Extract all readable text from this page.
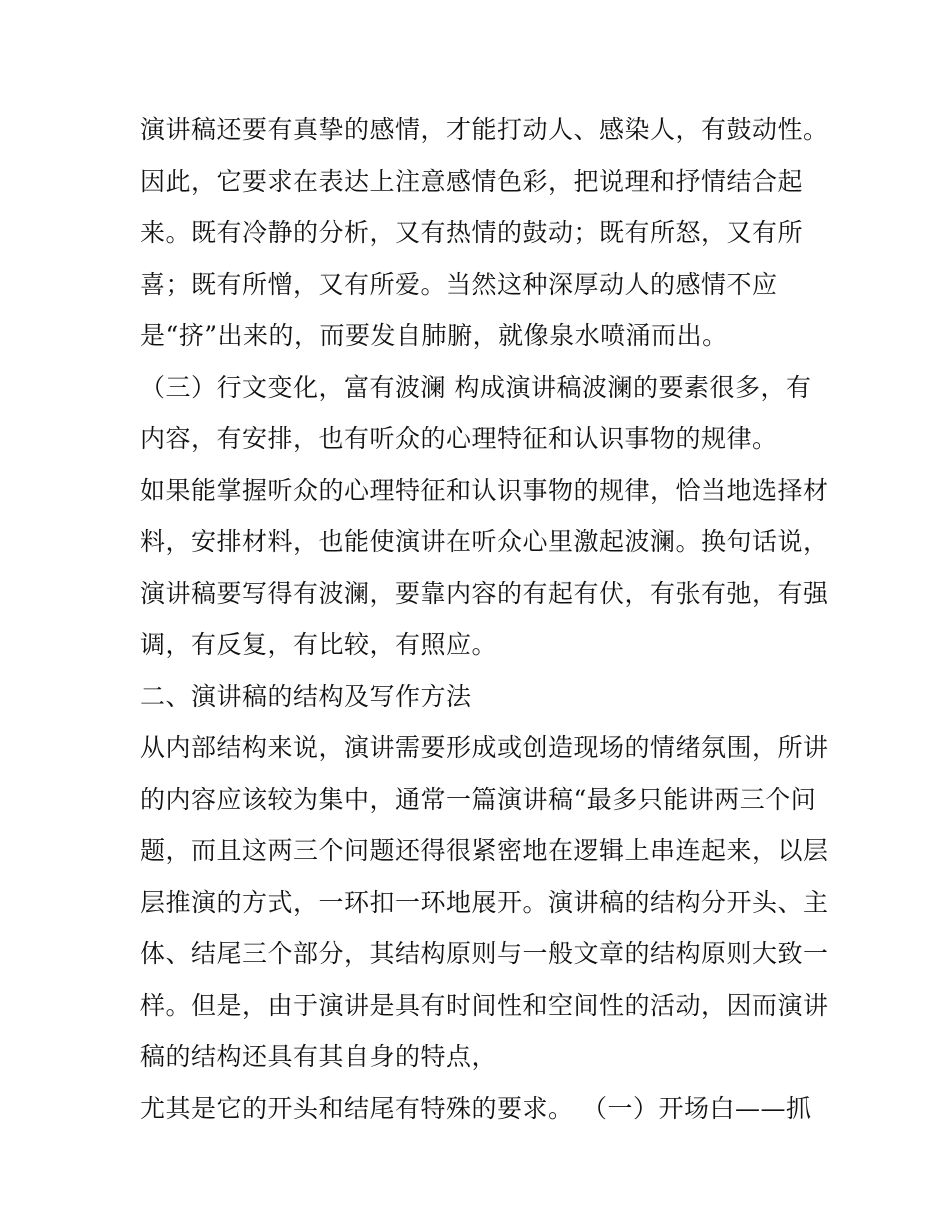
演讲稿还要有真挚的感情，才能打动人、感染人，有鼓动性。
因此，它要求在表达上注意感情色彩，把说理和抒情结合起
来。既有冷静的分析，又有热情的鼓动；既有所怒，又有所
喜；既有所憎，又有所爱。当然这种深厚动人的感情不应
是“挤”出来的，而要发自肺腑，就像泉水喷涌而出。
（三）行文变化，富有波澜 构成演讲稿波澜的要素很多，有
内容，有安排，也有听众的心理特征和认识事物的规律。
如果能掌握听众的心理特征和认识事物的规律，恰当地选择材
料，安排材料，也能使演讲在听众心里激起波澜。换句话说，
演讲稿要写得有波澜，要靠内容的有起有伏，有张有弛，有强
调，有反复，有比较，有照应。
二、演讲稿的结构及写作方法
从内部结构来说，演讲需要形成或创造现场的情绪氛围，所讲
的内容应该较为集中，通常一篇演讲稿“最多只能讲两三个问
题，而且这两三个问题还得很紧密地在逻辑上串连起来，以层
层推演的方式，一环扣一环地展开。演讲稿的结构分开头、主
体、结尾三个部分，其结构原则与一般文章的结构原则大致一
样。但是，由于演讲是具有时间性和空间性的活动，因而演讲
稿的结构还具有其自身的特点，
尤其是它的开头和结尾有特殊的要求。 （一）开场白——抓
